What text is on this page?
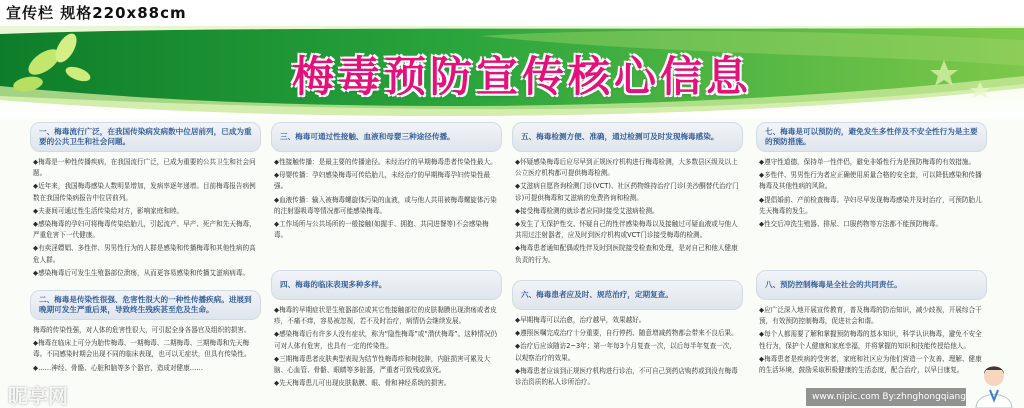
宣传栏 规格220x88cm
梅毒预防宣传核心信息
一、梅毒流行广泛，在我国传染病发病数中位居前列，已成为重要的公共卫生和社会问题。

◆梅毒是一种性传播疾病，在我国流行广泛，已成为重要的公共卫生和社会问题。

◆近年来，我国梅毒感染人数明显增加，发病率逐年递增。目前梅毒报告病例数在我国传染病报告中位居前列。

◆夫妻间可通过性生活传染给对方，影响家庭和睦。

◆感染梅毒的孕妇可将梅毒传染给胎儿，引起流产、早产、死产和先天梅毒，严重危害下一代健康。

◆有卖淫嫖娼、多性伴、男男性行为的人群是感染和传播梅毒和其他性病的高危人群。

◆感染梅毒后可发生生殖器部位溃疡，从而更容易感染和传播艾滋病病毒。

二、梅毒是传染性很强、危害性很大的一种性传播疾病。进展到晚期可发生严重后果，导致终生残疾甚至危及生命。

梅毒的传染性强，对人体的危害性很大，可引起全身各器官及组织的损害。

◆梅毒在临床上可分为胎传梅毒、一期梅毒、二期梅毒、三期梅毒和先天梅毒。不同感染时期会出现不同的临床表现，也可以无症状，但具有传染性。

◆……神经、骨骼、心脏和脑等多个器官，造成对健康……

三、梅毒可通过性接触、血液和母婴三种途径传播。

◆性接触传播：是最主要的传播途径。未经治疗的早期梅毒患者传染性最大。

◆母婴传播：孕妇感染梅毒可传给胎儿，未经治疗的早期梅毒孕妇传染性最强。

◆血液传播：输入被梅毒螺旋体污染的血液，或与他人共用被梅毒螺旋体污染的注射器吸毒等情况都可能感染梅毒。

◆工作场所与公共场所的一般接触(如握手、拥抱、共同进餐等)不会感染梅毒。

四、梅毒的临床表现多种多样。

◆梅毒的早期症状是生殖器部位或其它性接触部位的皮肤黏膜出现溃疡或者皮疹，不痛不痒，容易被忽视，若不及时治疗，病情仍会继续发展。

◆感染梅毒后有许多人没有症状，称为“隐性梅毒”或“潜伏梅毒”。这种情况仍可对人体有危害，也具有一定的传染性。

◆三期梅毒患者皮肤典型表现为结节性梅毒疹和树胶肿，内脏损害可累及大脑、心血管、骨骼、眼睛等多脏器，严重者可致残或致死。

◆先天梅毒患儿可出现皮肤黏膜、眼、骨和神经系统的损害。

五、梅毒检测方便、准确，通过检测可及时发现梅毒感染。

◆怀疑感染梅毒后应尽早到正规医疗机构进行梅毒检测，大多数县区级及以上公立医疗机构都可提供梅毒检测。

◆艾滋病自愿咨询检测门诊(VCT)、社区药物维持治疗门诊(美沙酮替代治疗门诊)可提供梅毒和艾滋病的免费咨询和检测。

◆接受梅毒检测的就诊者应同时接受艾滋病检测。

◆发生了无保护性交、怀疑自己的性伴感染梅毒以及接触过可疑血液或与他人共用过注射器者，应及时到医疗机构或VCT门诊接受梅毒的检测。

◆梅毒患者通知配偶或性伴及时到医院接受检查和处理，是对自己和他人健康负责的行为。

六、梅毒患者应及时、规范治疗，定期复查。

◆早期梅毒可以治愈，治疗越早，效果越好。

◆遵照医嘱完成治疗十分重要，自行停药、随意增减药物都会带来不良后果。

◆治疗后应该随访2~3年；第一年每3个月复查一次，以后每半年复查一次，以观察治疗的效果。

◆梅毒患者应该到正规医疗机构进行诊治，不可自己到药店购药或到没有梅毒诊治资质的私人诊所治疗。

七、梅毒是可以预防的，避免发生多性伴及不安全性行为是主要的预防措施。

◆遵守性道德，保持单一性伴侣，避免非婚性行为是预防梅毒的有效措施。

◆多性伴、男男性行为者应正确使用质量合格的安全套，可以降低感染和传播梅毒及其他性病的风险。

◆提倡婚前、产前检查梅毒。孕妇尽早发现梅毒感染并及时治疗，可预防胎儿先天梅毒的发生。

◆性交后冲洗生殖器、排尿、口服药物等方法都不能预防梅毒。

八、预防控制梅毒是全社会的共同责任。

◆应广泛深入地开展宣传教育，普及梅毒的防治知识，减少歧视，开展综合干预，有效预防控制梅毒，促进社会和谐。

◆每个人都需要了解和掌握预防梅毒的基本知识，科学认识梅毒，避免不安全性行为，保护个人健康和家庭幸福，并将掌握的知识和技能传授给他人。

◆梅毒患者是疾病的受害者，家庭和社区应为他们营造一个友善、理解、健康的生活环境，鼓励采取积极健康的生活态度，配合治疗，以早日康复。

昵享网	www.nipic.com By:zhnghongqiang
